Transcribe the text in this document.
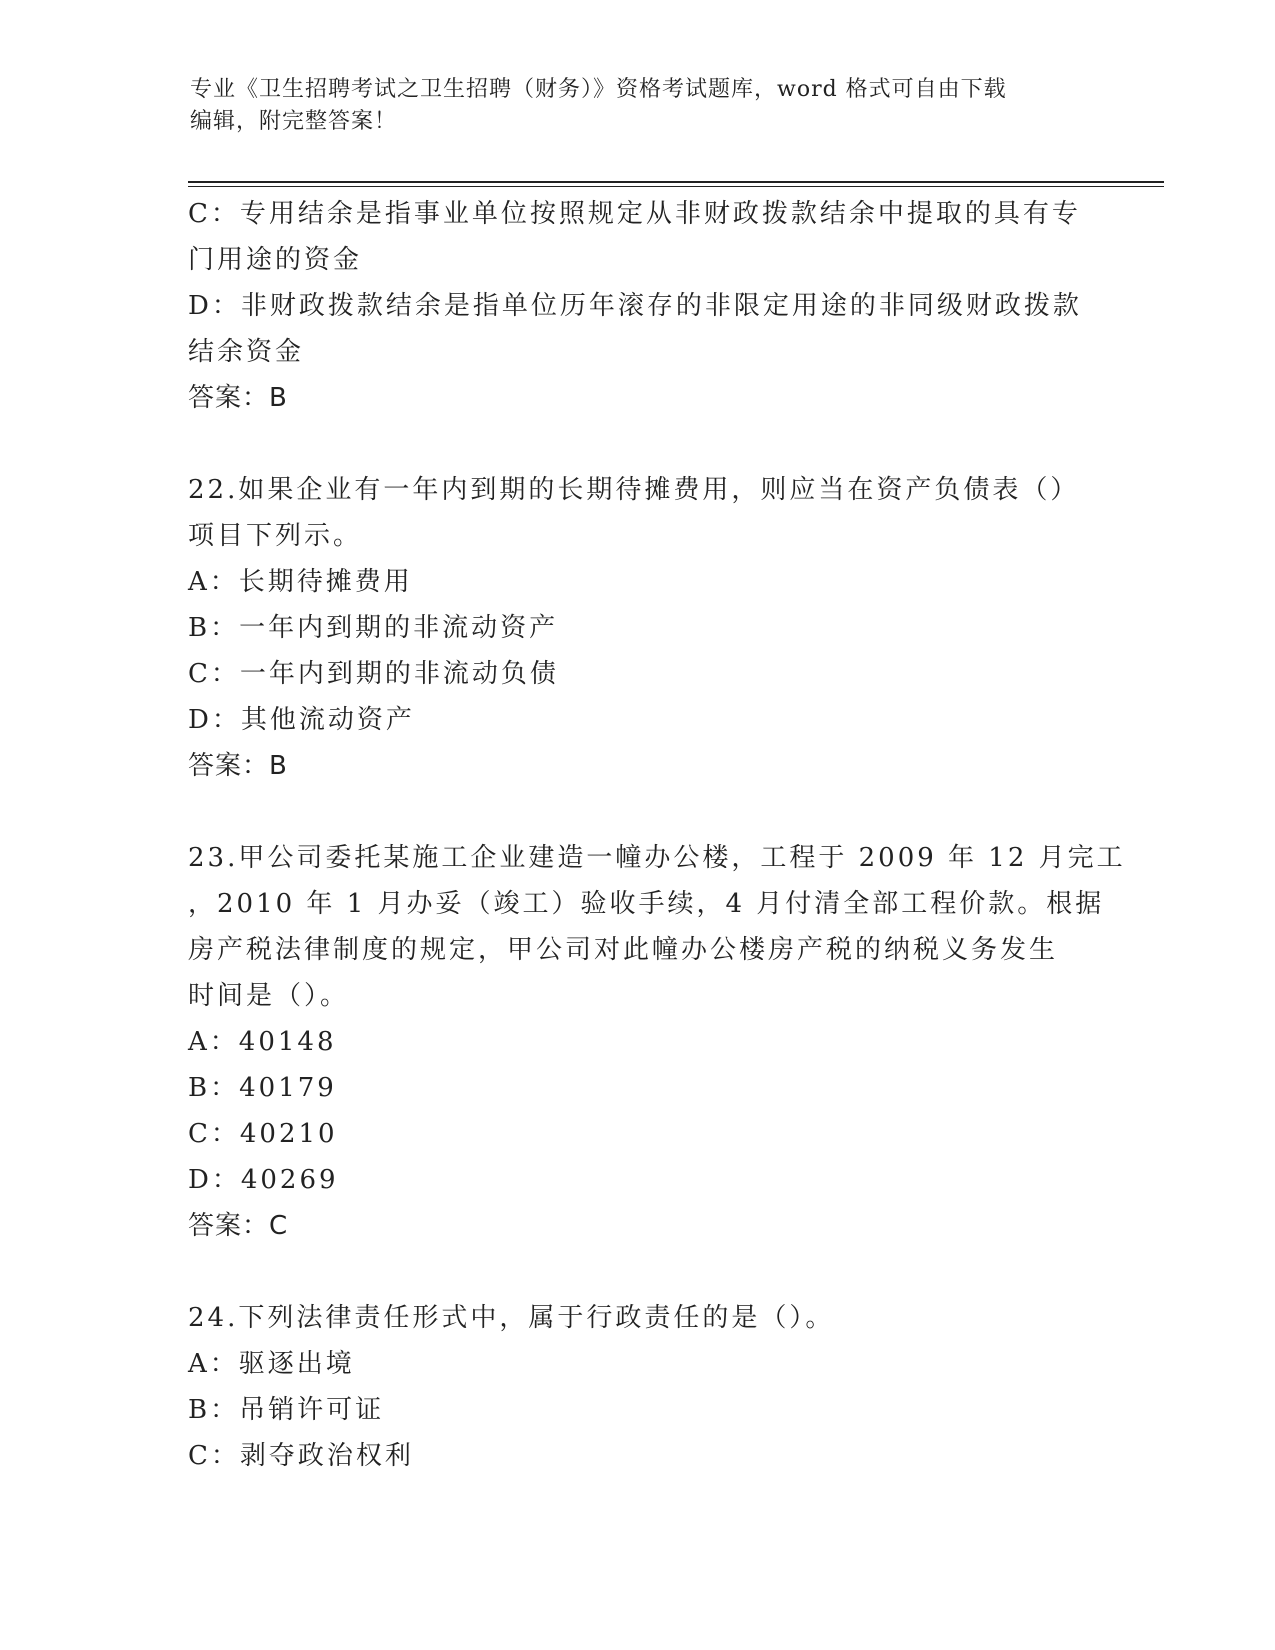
专业《卫生招聘考试之卫生招聘（财务）》资格考试题库，word 格式可自由下载
编辑，附完整答案！
C：专用结余是指事业单位按照规定从非财政拨款结余中提取的具有专
门用途的资金
D：非财政拨款结余是指单位历年滚存的非限定用途的非同级财政拨款
结余资金
答案：B
22.如果企业有一年内到期的长期待摊费用，则应当在资产负债表（）
项目下列示。
A：长期待摊费用
B：一年内到期的非流动资产
C：一年内到期的非流动负债
D：其他流动资产
答案：B
23.甲公司委托某施工企业建造一幢办公楼，工程于 2009 年 12 月完工
，2010 年 1 月办妥（竣工）验收手续，4 月付清全部工程价款。根据
房产税法律制度的规定，甲公司对此幢办公楼房产税的纳税义务发生
时间是（）。
A：40148
B：40179
C：40210
D：40269
答案：C
24.下列法律责任形式中，属于行政责任的是（）。
A：驱逐出境
B：吊销许可证
C：剥夺政治权利
